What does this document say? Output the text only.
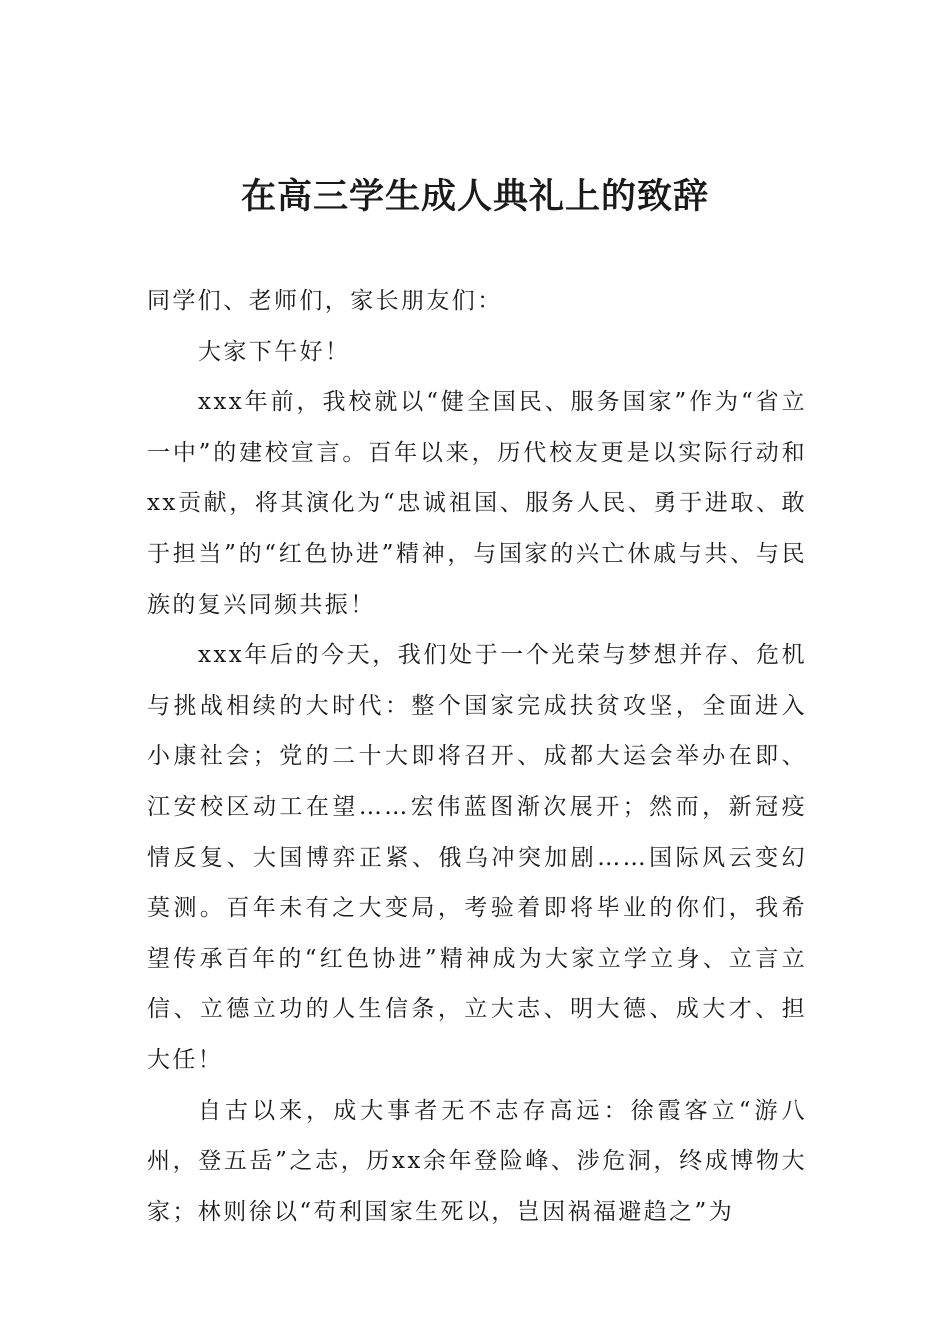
在高三学生成人典礼上的致辞

同学们、老师们，家长朋友们：

大家下午好！

xxx年前，我校就以“健全国民、服务国家”作为“省立一中”的建校宣言。百年以来，历代校友更是以实际行动和xx贡献，将其演化为“忠诚祖国、服务人民、勇于进取、敢于担当”的“红色协进”精神，与国家的兴亡休戚与共、与民族的复兴同频共振！

xxx年后的今天，我们处于一个光荣与梦想并存、危机与挑战相续的大时代：整个国家完成扶贫攻坚，全面进入小康社会；党的二十大即将召开、成都大运会举办在即、江安校区动工在望……宏伟蓝图渐次展开；然而，新冠疫情反复、大国博弈正紧、俄乌冲突加剧……国际风云变幻莫测。百年未有之大变局，考验着即将毕业的你们，我希望传承百年的“红色协进”精神成为大家立学立身、立言立信、立德立功的人生信条，立大志、明大德、成大才、担大任！

自古以来，成大事者无不志存高远：徐霞客立“游八州，登五岳”之志，历xx余年登险峰、涉危洞，终成博物大家；林则徐以“苟利国家生死以，岂因祸福避趋之”为
